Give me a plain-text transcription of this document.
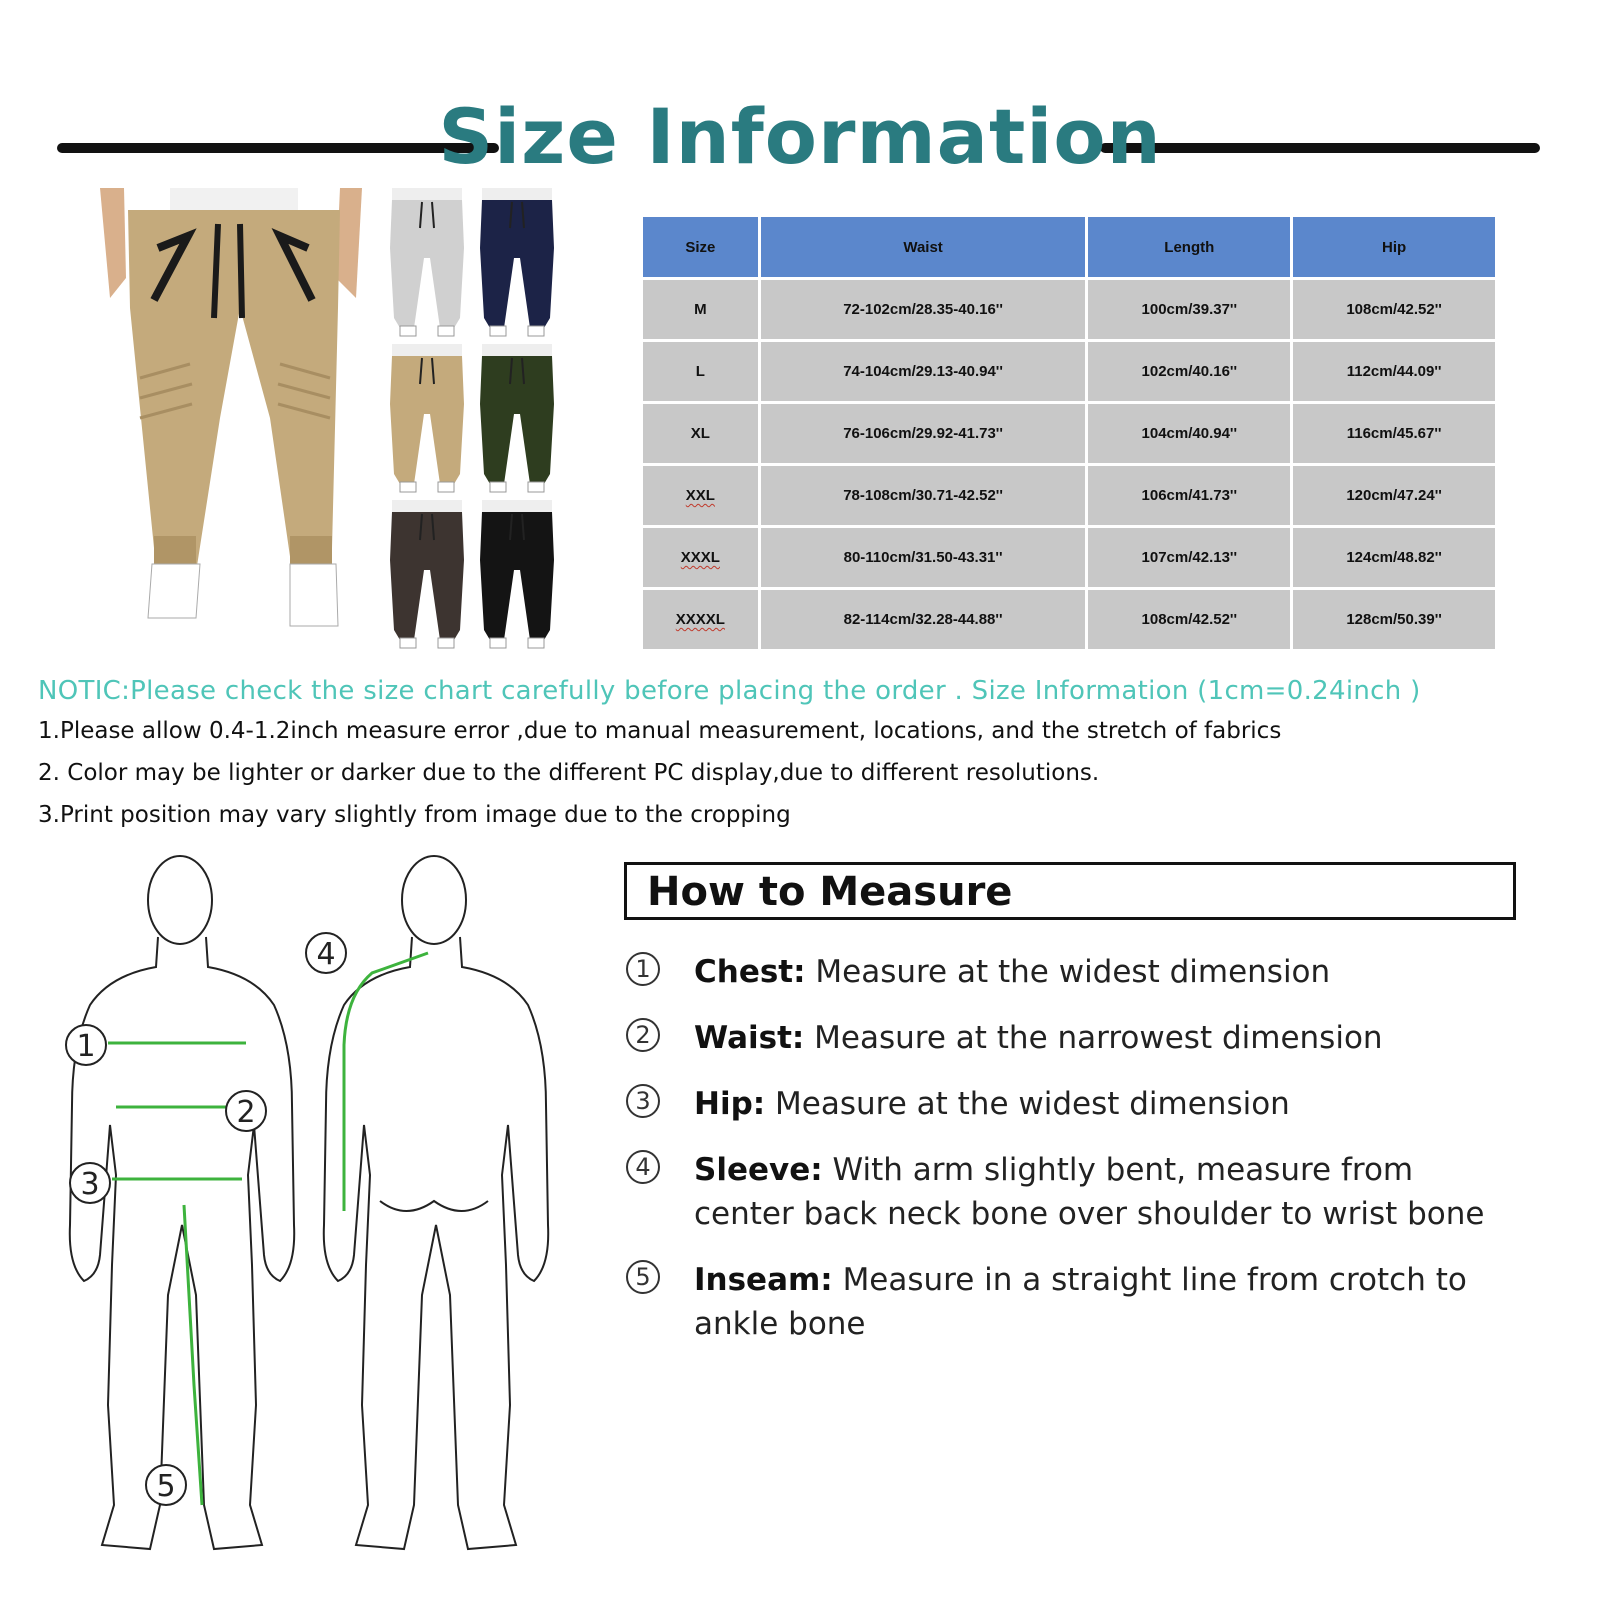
Size Information
Size	Waist	Length	Hip
M	72-102cm/28.35-40.16''	100cm/39.37''	108cm/42.52''
L	74-104cm/29.13-40.94''	102cm/40.16''	112cm/44.09''
XL	76-106cm/29.92-41.73''	104cm/40.94''	116cm/45.67''
XXL	78-108cm/30.71-42.52''	106cm/41.73''	120cm/47.24''
XXXL	80-110cm/31.50-43.31''	107cm/42.13''	124cm/48.82''
XXXXL	82-114cm/32.28-44.88''	108cm/42.52''	128cm/50.39''
NOTIC:Please check the size chart carefully before placing the order . Size Information (1cm=0.24inch )
1.Please allow 0.4-1.2inch measure error ,due to manual measurement, locations, and the stretch of fabrics
2. Color may be lighter or darker due to the different PC display,due to different resolutions.
3.Print position may vary slightly from image due to the cropping
1
2
3
4
5
How to Measure
1	Chest: Measure at the widest dimension
2	Waist: Measure at the narrowest dimension
3	Hip: Measure at the widest dimension
4	Sleeve: With arm slightly bent, measure from center back neck bone over shoulder to wrist bone
5	Inseam: Measure in a straight line from crotch to ankle bone
